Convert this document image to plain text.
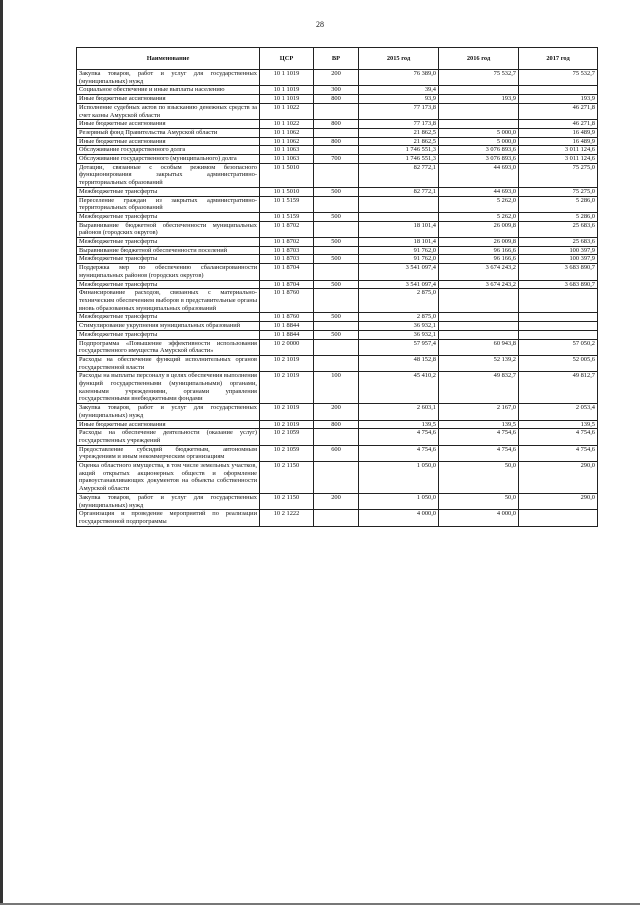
28
Наименование	ЦСР	ВР	2015 год	2016 год	2017 год
Закупка товаров, работ и услуг для государственных (муниципальных) нужд	10 1 1019	200	76 389,0	75 532,7	75 532,7
Социальное обеспечение и иные выплаты населению	10 1 1019	300	39,4		
Иные бюджетные ассигнования	10 1 1019	800	93,9	193,9	193,9
Исполнение судебных актов по взысканию денежных средств за счет казны Амурской области	10 1 1022		77 173,8		46 271,8
Иные бюджетные ассигнования	10 1 1022	800	77 173,8		46 271,8
Резервный фонд Правительства Амурской области	10 1 1062		21 862,5	5 000,0	16 489,9
Иные бюджетные ассигнования	10 1 1062	800	21 862,5	5 000,0	16 489,9
Обслуживание государственного долга	10 1 1063		1 746 551,3	3 076 893,6	3 011 124,6
Обслуживание государственного (муниципального) долга	10 1 1063	700	1 746 551,3	3 076 893,6	3 011 124,6
Дотации, связанные с особым режимом безопасного функционирования закрытых административно-территориальных образований	10 1 5010		82 772,1	44 693,0	75 275,0
Межбюджетные трансферты	10 1 5010	500	82 772,1	44 693,0	75 275,0
Переселение граждан из закрытых административно-территориальных образований	10 1 5159			5 262,0	5 286,0
Межбюджетные трансферты	10 1 5159	500		5 262,0	5 286,0
Выравнивание бюджетной обеспеченности муниципальных районов (городских округов)	10 1 8702		18 101,4	26 009,8	25 683,6
Межбюджетные трансферты	10 1 8702	500	18 101,4	26 009,8	25 683,6
Выравнивание бюджетной обеспеченности поселений	10 1 8703		91 762,0	96 166,6	100 397,9
Межбюджетные трансферты	10 1 8703	500	91 762,0	96 166,6	100 397,9
Поддержка мер по обеспечению сбалансированности муниципальных районов (городских округов)	10 1 8704		3 541 097,4	3 674 243,2	3 683 890,7
Межбюджетные трансферты	10 1 8704	500	3 541 097,4	3 674 243,2	3 683 890,7
Финансирование расходов, связанных с материально-техническим обеспечением выборов в представительные органы вновь образованных муниципальных образований	10 1 8760		2 875,0		
Межбюджетные трансферты	10 1 8760	500	2 875,0		
Стимулирование укрупнения муниципальных образований	10 1 8844		36 932,1		
Межбюджетные трансферты	10 1 8844	500	36 932,1		
Подпрограмма «Повышение эффективности использования государственного имущества Амурской области»	10 2 0000		57 957,4	60 943,8	57 050,2
Расходы на обеспечение функций исполнительных органов государственной власти	10 2 1019		48 152,8	52 139,2	52 005,6
Расходы на выплаты персоналу в целях обеспечения выполнения функций государственными (муниципальными) органами, казенными учреждениями, органами управления государственными внебюджетными фондами	10 2 1019	100	45 410,2	49 832,7	49 812,7
Закупка товаров, работ и услуг для государственных (муниципальных) нужд	10 2 1019	200	2 603,1	2 167,0	2 053,4
Иные бюджетные ассигнования	10 2 1019	800	139,5	139,5	139,5
Расходы на обеспечение деятельности (оказание услуг) государственных учреждений	10 2 1059		4 754,6	4 754,6	4 754,6
Предоставление субсидий бюджетным, автономным учреждениям и иным некоммерческим организациям	10 2 1059	600	4 754,6	4 754,6	4 754,6
Оценка областного имущества, в том числе земельных участков, акций открытых акционерных обществ и оформление правоустанавливающих документов на объекты собственности Амурской области	10 2 1150		1 050,0	50,0	290,0
Закупка товаров, работ и услуг для государственных (муниципальных) нужд	10 2 1150	200	1 050,0	50,0	290,0
Организация и проведение мероприятий по реализации государственной подпрограммы	10 2 1222		4 000,0	4 000,0	
